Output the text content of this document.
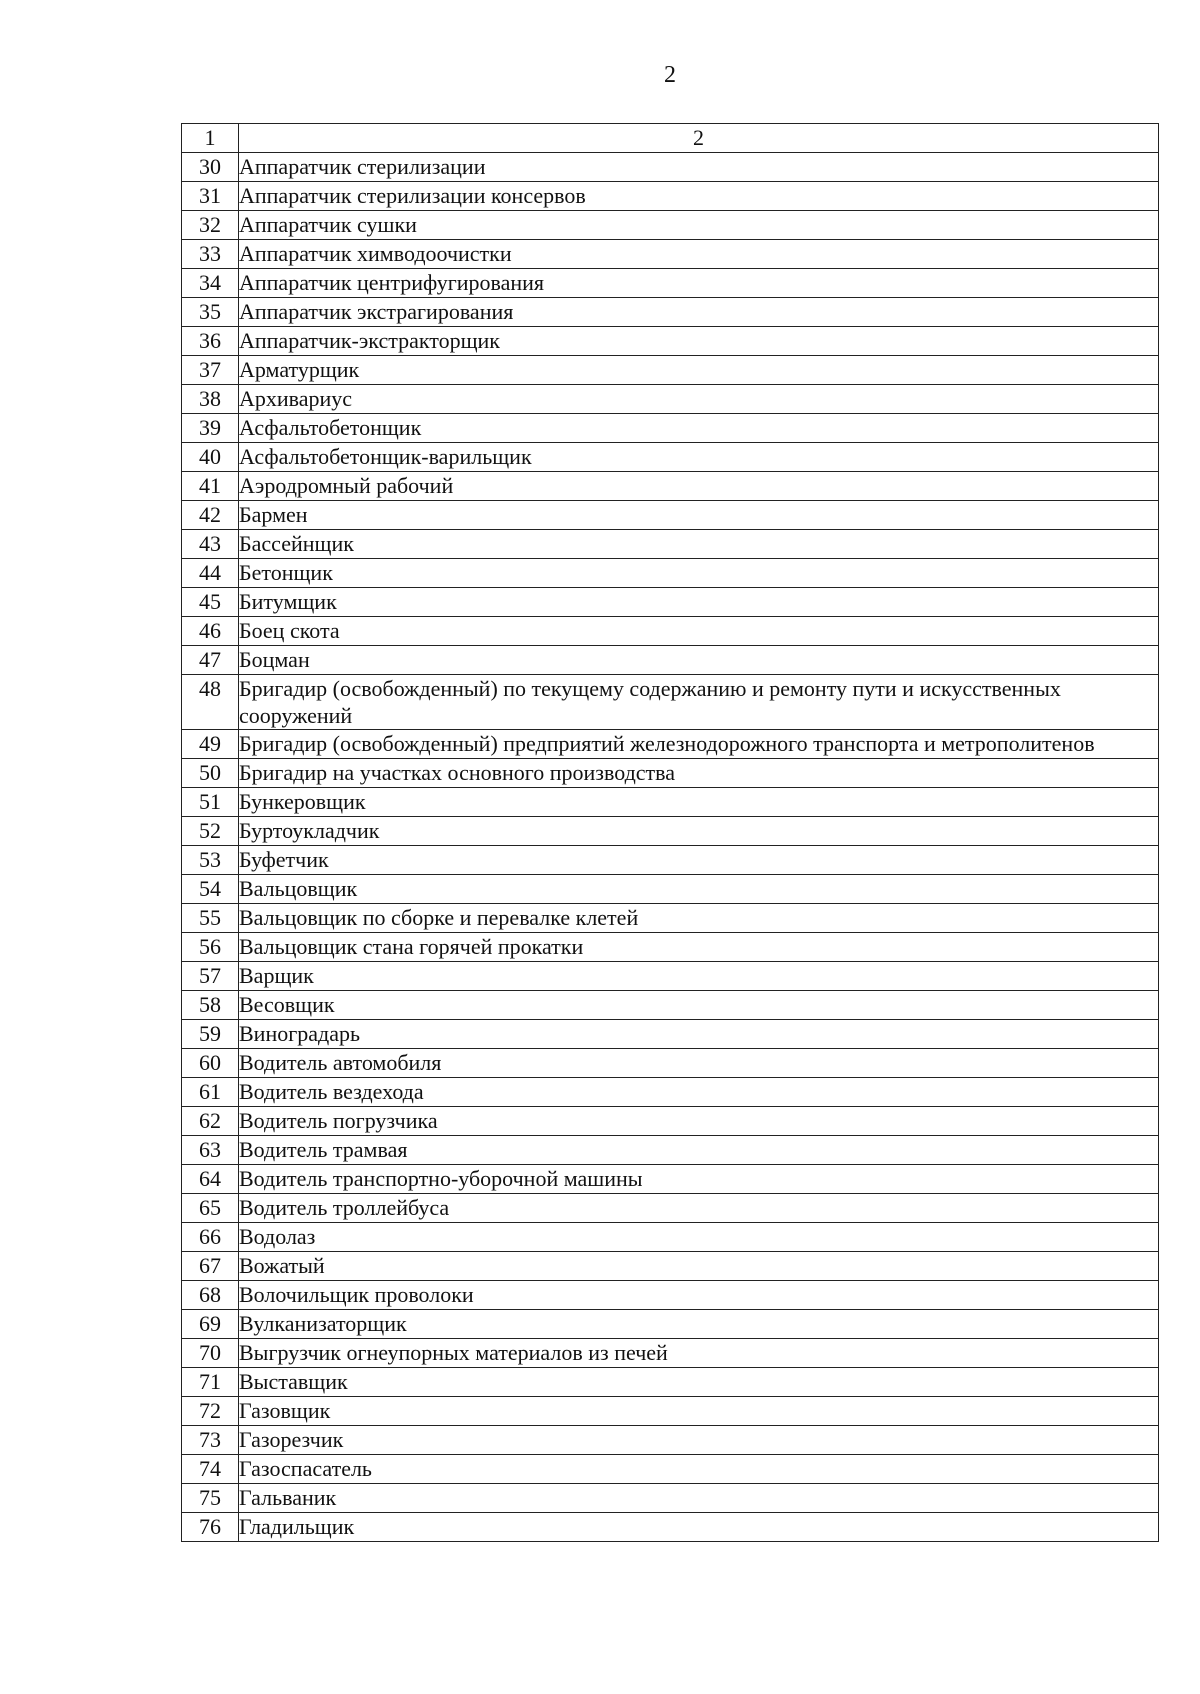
2
1	2
30	Аппаратчик стерилизации
31	Аппаратчик стерилизации консервов
32	Аппаратчик сушки
33	Аппаратчик химводоочистки
34	Аппаратчик центрифугирования
35	Аппаратчик экстрагирования
36	Аппаратчик-экстракторщик
37	Арматурщик
38	Архивариус
39	Асфальтобетонщик
40	Асфальтобетонщик-варильщик
41	Аэродромный рабочий
42	Бармен
43	Бассейнщик
44	Бетонщик
45	Битумщик
46	Боец скота
47	Боцман
48	Бригадир (освобожденный) по текущему содержанию и ремонту пути и искусственных сооружений
49	Бригадир (освобожденный) предприятий железнодорожного транспорта и метрополитенов
50	Бригадир на участках основного производства
51	Бункеровщик
52	Буртоукладчик
53	Буфетчик
54	Вальцовщик
55	Вальцовщик по сборке и перевалке клетей
56	Вальцовщик стана горячей прокатки
57	Варщик
58	Весовщик
59	Виноградарь
60	Водитель автомобиля
61	Водитель вездехода
62	Водитель погрузчика
63	Водитель трамвая
64	Водитель транспортно-уборочной машины
65	Водитель троллейбуса
66	Водолаз
67	Вожатый
68	Волочильщик проволоки
69	Вулканизаторщик
70	Выгрузчик огнеупорных материалов из печей
71	Выставщик
72	Газовщик
73	Газорезчик
74	Газоспасатель
75	Гальваник
76	Гладильщик
